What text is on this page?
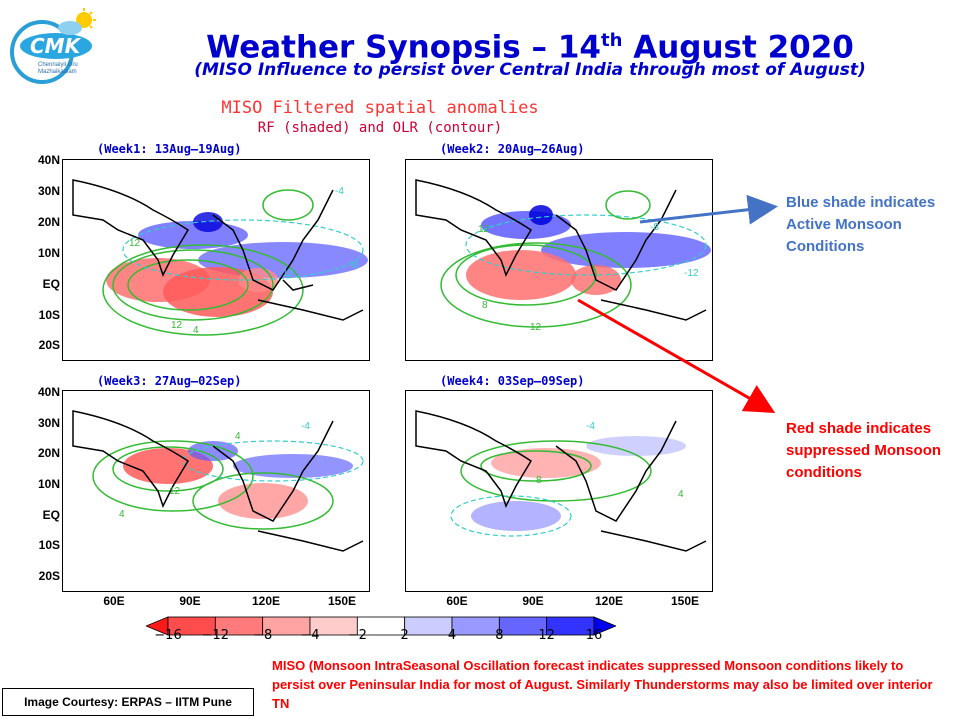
CMK
Chennaiyil Oru
Mazhaikaalam
Weather Synopsis – 14th August 2020
(MISO Influence to persist over Central India through most of August)
MISO Filtered spatial anomalies
RF (shaded) and OLR (contour)
(Week1: 13Aug–19Aug)	(Week2: 20Aug–26Aug)
(Week3: 27Aug–02Sep)	(Week4: 03Sep–09Sep)
40N
30N
20N
10N
EQ
10S
20S
40N
30N
20N
10N
EQ
10S
20S
12
12
-12
-8
-4
4
12
12
-12
-8
8
12
-4
4
4
4
-4
8
60E	90E	120E	150E	60E	90E	120E	150E
−16 −12	−8	−4	−2	2	4	8	12	16
Blue shade indicates Active Monsoon Conditions
Red shade indicates suppressed Monsoon conditions
MISO (Monsoon IntraSeasonal Oscillation forecast indicates suppressed Monsoon conditions likely to persist over Peninsular India for most of August. Similarly Thunderstorms may also be limited over interior TN
Image Courtesy: ERPAS – IITM Pune
